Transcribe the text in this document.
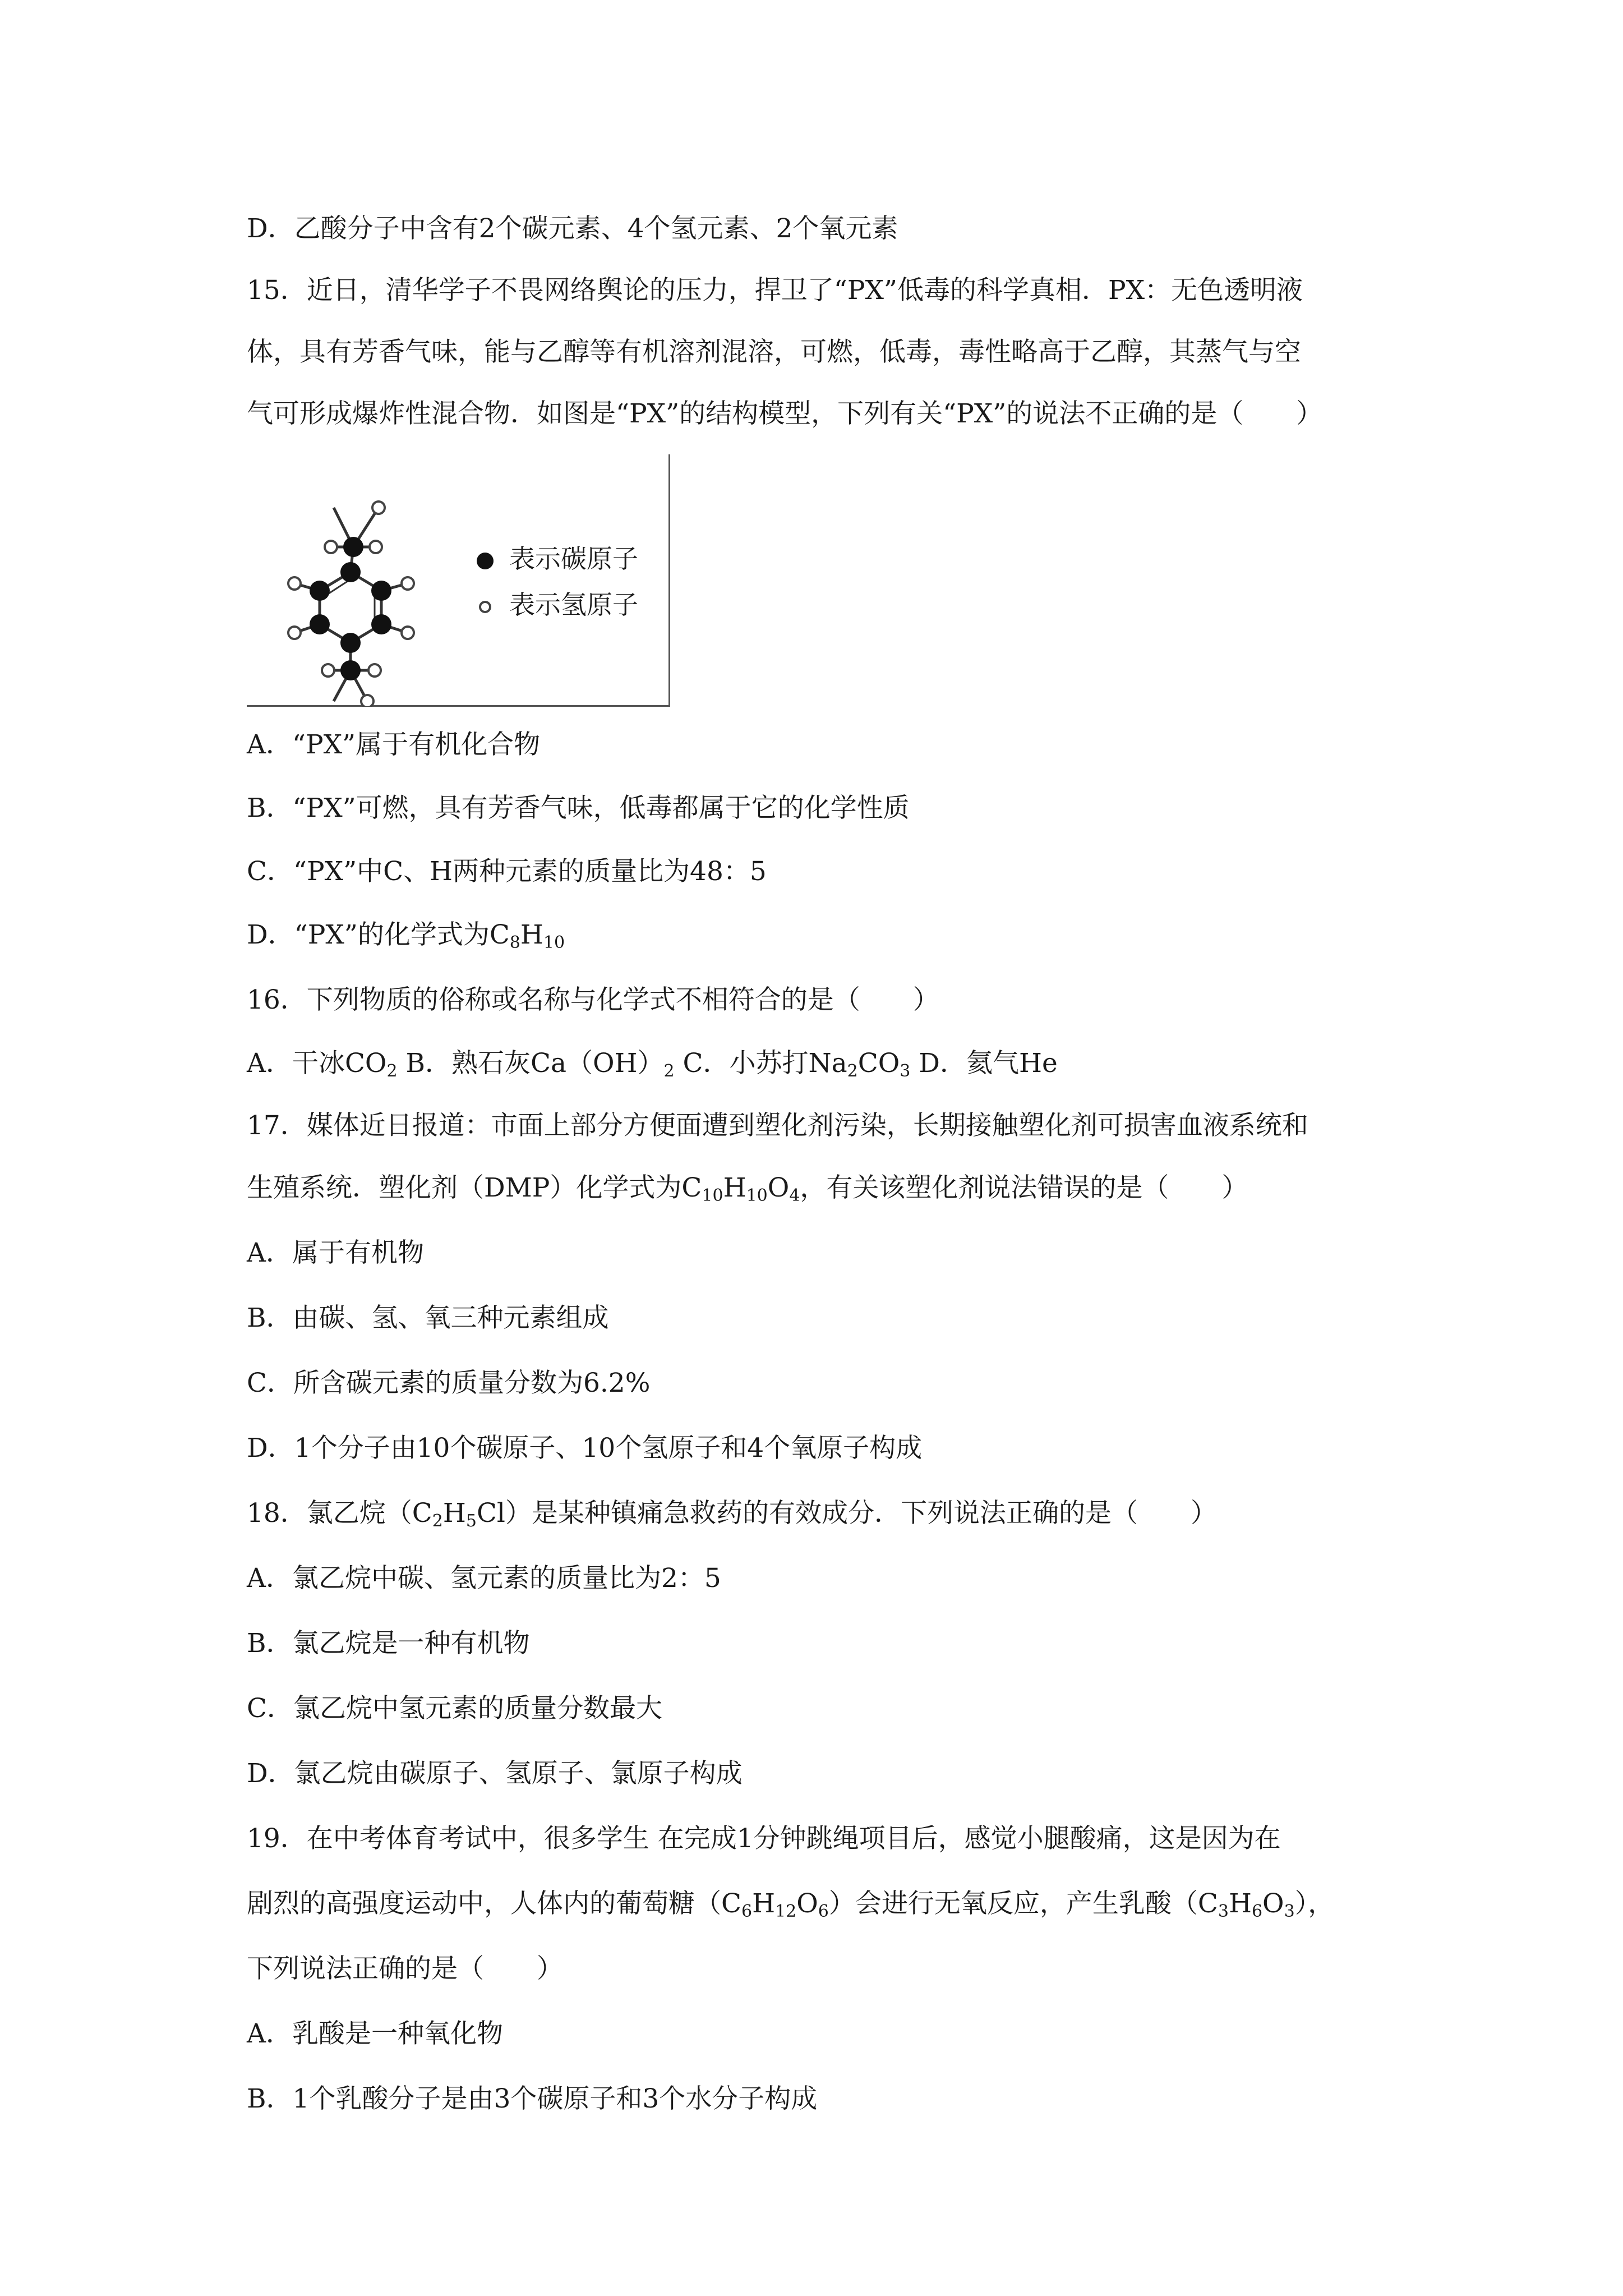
D．乙酸分子中含有2个碳元素、4个氢元素、2个氧元素
15．近日，清华学子不畏网络舆论的压力，捍卫了“PX”低毒的科学真相．PX：无色透明液
体，具有芳香气味，能与乙醇等有机溶剂混溶，可燃，低毒，毒性略高于乙醇，其蒸气与空
气可形成爆炸性混合物．如图是“PX”的结构模型，下列有关“PX”的说法不正确的是（　　）
表示碳原子
表示氢原子
A．“PX”属于有机化合物
B．“PX”可燃，具有芳香气味，低毒都属于它的化学性质
C．“PX”中C、H两种元素的质量比为48：5
D．“PX”的化学式为$C_8H_{10}$
16．下列物质的俗称或名称与化学式不相符合的是（　　）
A．干冰$CO_2$ B．熟石灰$Ca(OH)_2$ C．小苏打$Na_2CO_3$ D．氦气He
17．媒体近日报道：市面上部分方便面遭到塑化剂污染，长期接触塑化剂可损害血液系统和
生殖系统．塑化剂（DMP）化学式为$C_{10}H_{10}O_4$，有关该塑化剂说法错误的是（　　）
A．属于有机物
B．由碳、氢、氧三种元素组成
C．所含碳元素的质量分数为6.2%
D．1个分子由10个碳原子、10个氢原子和4个氧原子构成
18．氯乙烷$(C_2H_5Cl)$是某种镇痛急救药的有效成分．下列说法正确的是（　　）
A．氯乙烷中碳、氢元素的质量比为2：5
B．氯乙烷是一种有机物
C．氯乙烷中氢元素的质量分数最大
D．氯乙烷由碳原子、氢原子、氯原子构成
19．在中考体育考试中，很多学生 在完成1分钟跳绳项目后，感觉小腿酸痛，这是因为在
剧烈的高强度运动中，人体内的葡萄糖$(C_6H_{12}O_6)$会进行无氧反应，产生乳酸$(C_3H_6O_3)$，
下列说法正确的是（　　）
A．乳酸是一种氧化物
B．1个乳酸分子是由3个碳原子和3个水分子构成
